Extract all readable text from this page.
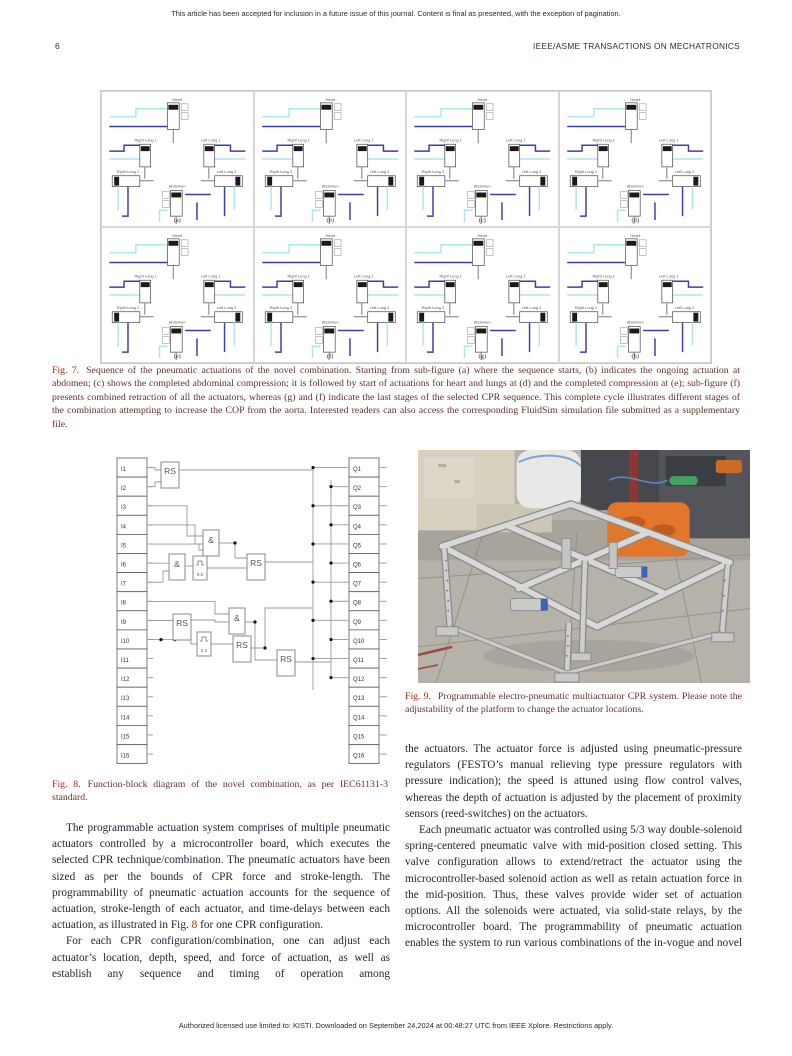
This article has been accepted for inclusion in a future issue of this journal. Content is final as presented, with the exception of pagination.
6	IEEE/ASME TRANSACTIONS ON MECHATRONICS
Heart
Right Lung 1	Left Lung 1
Right Lung 2
Abdomen
Left Lung 2
(a)
Heart
Right Lung 1	Left Lung 1
Right Lung 2
Abdomen
Left Lung 2
(b)
Heart
Right Lung 1	Left Lung 1
Right Lung 2
Abdomen
Left Lung 2
(c)
Heart
Right Lung 1	Left Lung 1
Right Lung 2
Abdomen
Left Lung 2
(d)
Heart
Right Lung 1	Left Lung 1
Right Lung 2
Abdomen
Left Lung 2
(e)
Heart
Right Lung 1	Left Lung 1
Right Lung 2
Abdomen
Left Lung 2
(f)
Heart
Right Lung 1	Left Lung 1
Right Lung 2
Abdomen
Left Lung 2
(g)
Heart
Right Lung 1	Left Lung 1
Right Lung 2
Abdomen
Left Lung 2
(h)
Fig. 7. Sequence of the pneumatic actuations of the novel combination. Starting from sub-figure (a) where the sequence starts, (b) indicates the ongoing actuation at abdomen; (c) shows the completed abdominal compression; it is followed by start of actuations for heart and lungs at (d) and the completed compression at (e); sub-figure (f) presents combined retraction of all the actuators, whereas (g) and (f) indicate the last stages of the selected CPR sequence. This complete cycle illustrates different stages of the combination attempting to increase the COP from the aorta. Interested readers can also access the corresponding FluidSim simulation file submitted as a supplementary file.
I1
I2
I3
I4
I5
I6
I7
I8
I9
I10
I11
I12
I13
I14
I15
I16
Q1
Q2
Q3
Q4
Q5
Q6
Q7
Q8
Q9
Q10
Q11
Q12
Q13
Q14
Q15
Q16
RS
&
&
0.2
RS
&
RS
0.2
RS
RS
Fig. 8. Function-block diagram of the novel combination, as per IEC61131-3 standard.
Fig. 9. Programmable electro-pneumatic multiactuator CPR system. Please note the adjustability of the platform to change the actuator locations.
The programmable actuation system comprises of multiple pneumatic actuators controlled by a microcontroller board, which executes the selected CPR technique/combination. The pneumatic actuators have been sized as per the bounds of CPR force and stroke-length. The programmability of pneumatic actuation accounts for the sequence of actuation, stroke-length of each actuator, and time-delays between each actuation, as illustrated in Fig. 8 for one CPR configuration.
For each CPR configuration/combination, one can adjust each actuator’s location, depth, speed, and force of actuation, as well as establish any sequence and timing of operation among
the actuators. The actuator force is adjusted using pneumatic-pressure regulators (FESTO’s manual relieving type pressure regulators with pressure indication); the speed is attuned using flow control valves, whereas the depth of actuation is adjusted by the placement of proximity sensors (reed-switches) on the actuators.
Each pneumatic actuator was controlled using 5/3 way double-solenoid spring-centered pneumatic valve with mid-position closed setting. This valve configuration allows to extend/retract the actuator using the microcontroller-based solenoid action as well as retain actuation force in the mid-position. Thus, these valves provide wider set of actuation options. All the solenoids were actuated, via solid-state relays, by the microcontroller board. The programmability of pneumatic actuation enables the system to run various combinations of the in-vogue and novel
Authorized licensed use limited to: KISTI. Downloaded on September 24,2024 at 00:48:27 UTC from IEEE Xplore. Restrictions apply.
